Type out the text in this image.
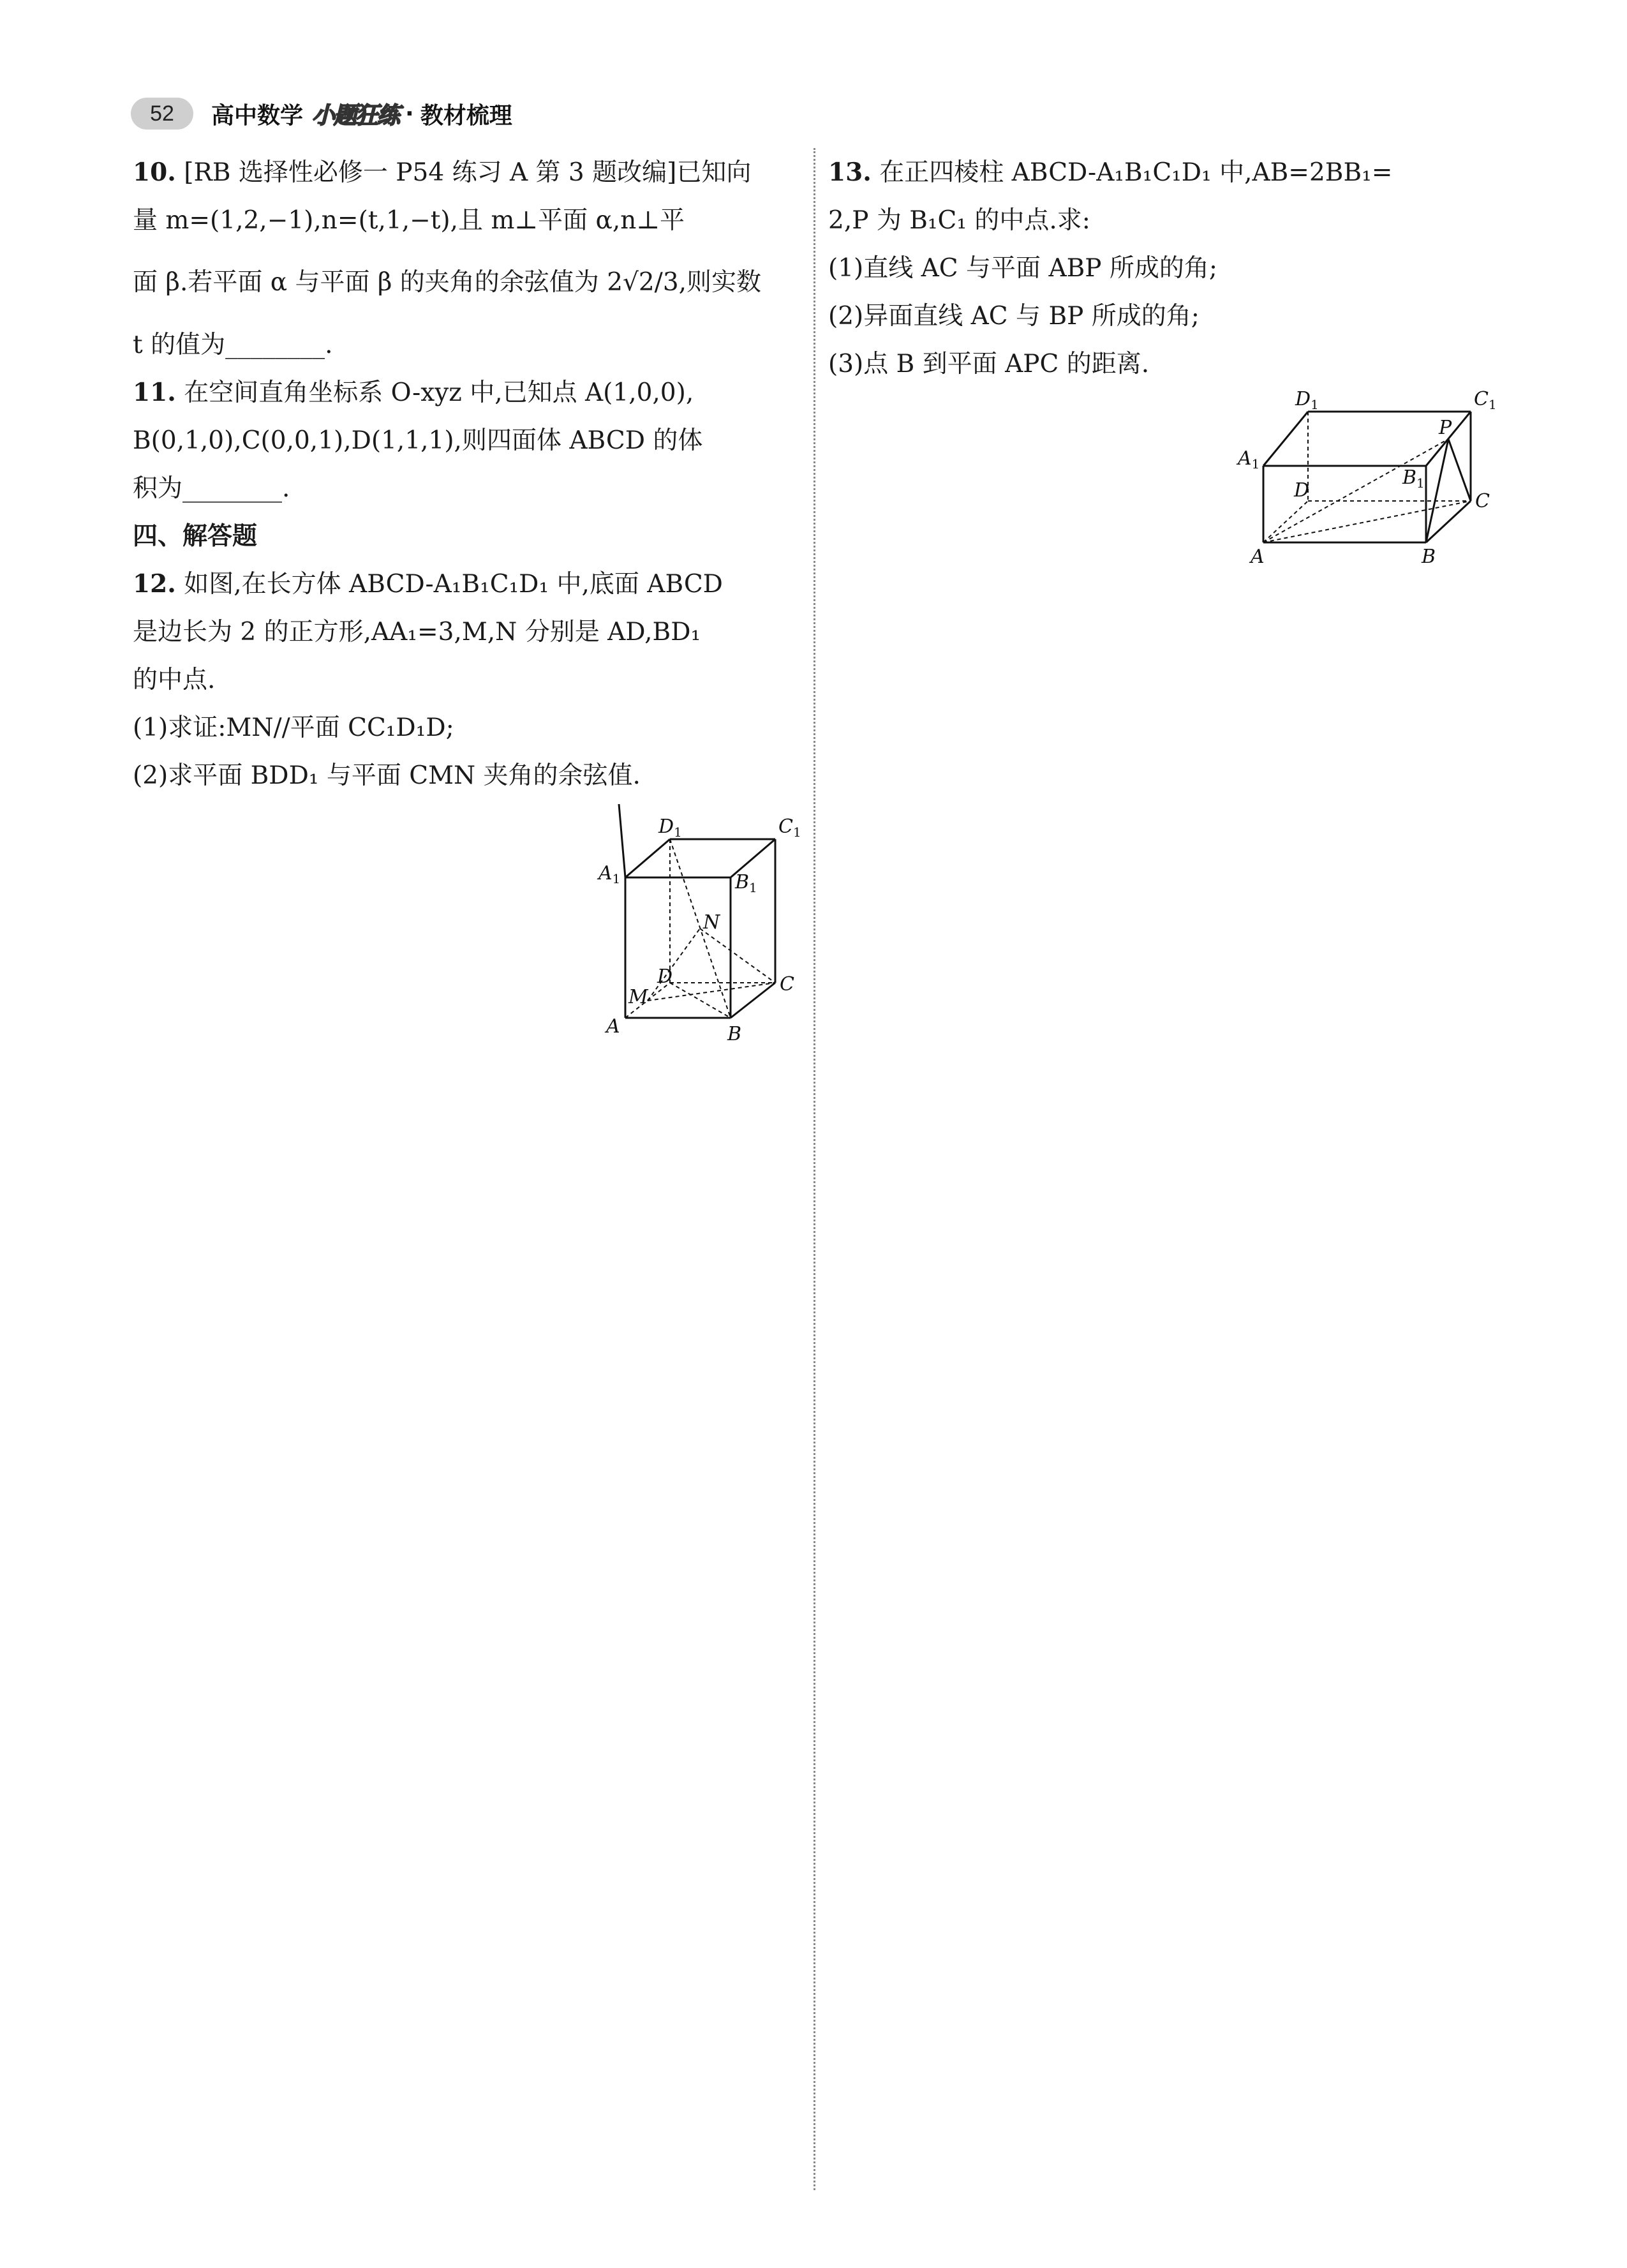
52	高中数学 小题狂练 · 教材梳理
10. [RB 选择性必修一 P54 练习 A 第 3 题改编]已知向
量 m=(1,2,−1),n=(t,1,−t),且 m⊥平面 α,n⊥平
面 β.若平面 α 与平面 β 的夹角的余弦值为 2√2/3,则实数
t 的值为________.
11. 在空间直角坐标系 O-xyz 中,已知点 A(1,0,0),
B(0,1,0),C(0,0,1),D(1,1,1),则四面体 ABCD 的体
积为________.
四、解答题
12. 如图,在长方体 ABCD-A₁B₁C₁D₁ 中,底面 ABCD
是边长为 2 的正方形,AA₁=3,M,N 分别是 AD,BD₁
的中点.
(1)求证:MN//平面 CC₁D₁D;
(2)求平面 BDD₁ 与平面 CMN 夹角的余弦值.
13. 在正四棱柱 ABCD-A₁B₁C₁D₁ 中,AB=2BB₁=
2,P 为 B₁C₁ 的中点.求:
(1)直线 AC 与平面 ABP 所成的角;
(2)异面直线 AC 与 BP 所成的角;
(3)点 B 到平面 APC 的距离.
$D_1$	$C_1$
$A_1$	$B_1$
N
D
M
C
A	B
$D_1$	$C_1$
P
$A_1$
$B_1$
D	C
A	B
